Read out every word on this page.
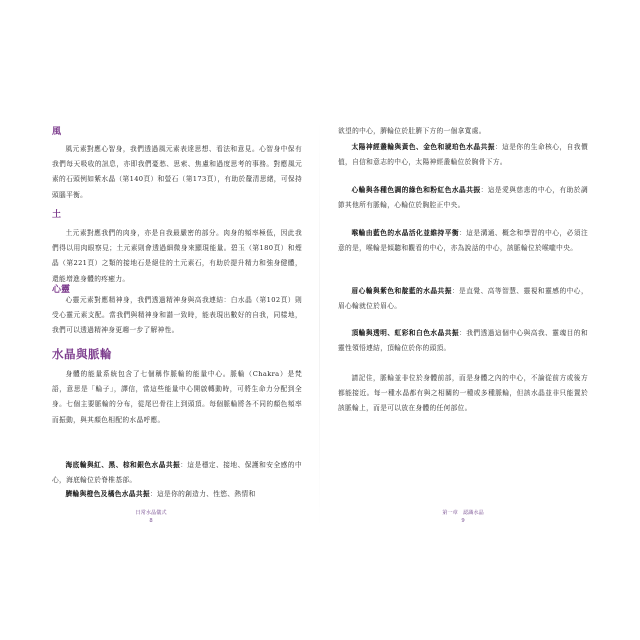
風
風元素對應心智身，我們透過風元素表達思想、看法和意見。心智身中保有我們每天吸收的訊息，亦即我們憂愁、思索、焦慮和過度思考的事務。對應風元素的石頭例如紫水晶（第140頁）和螢石（第173頁），有助於釐清思緒，可保持頭腦平衡。
土
土元素對應我們的肉身，亦是自我最嚴密的部分。肉身的頻率極低，因此我們得以用肉眼察見；土元素則會透過細微身來顯現能量。碧玉（第180頁）和煙晶（第221頁）之類的接地石是絕佳的土元素石，有助於提升精力和強身健體，還能增進身體的疼癒力。
心靈
心靈元素對應精神身，我們透過精神身與高我連結：白水晶（第102頁）則受心靈元素支配。當我們與精神身和諧一致時，能表現出數好的自我，同樣地，我們可以透過精神身更趨一步了解神性。
水晶與脈輪
身體的能量系統包含了七個稱作脈輪的能量中心。脈輪（Chakra）是梵語，意思是「輪子」，譯信，當這些能量中心開啟轉動時，可將生命力分配到全身。七個主要脈輪的分布，從尾巴骨往上到頭頂。每個脈輪將各不同的顏色頻率而振動，與其顏色相配的水晶呼應。
海底輪與紅、黑、棕和銀色水晶共振：這是穩定、接地、保護和安全感的中心，海底輪位於脊椎基部。
臍輪與橙色及橘色水晶共振：這是你的創造力、性慾、熱情和
日常水晶儀式
8
欲望的中心，臍輪位於肚臍下方的一個拿寬處。
太陽神經叢輪與黃色、金色和琥珀色水晶共振：這是你的生命核心，自我價值，自信和意志的中心，太陽神經叢輪位於胸骨下方。
心輪與各種色調的綠色和粉紅色水晶共振：這是愛與慈悲的中心，有助於調節其他所有脈輪，心輪位於胸腔正中央。
喉輪由藍色的水晶活化並維持平衡：這是溝通、概念和學習的中心，必須注意的是，喉輪是傾聽和觀看的中心，亦為說話的中心，該脈輪位於喉嚨中央。
眉心輪與紫色和靛藍的水晶共振：是直覺、高等智慧、靈視和靈感的中心，眉心輪就位於眉心。
頂輪與透明、虹彩和白色水晶共振：我們透過這個中心與高我、靈魂目的和靈性領悟連結，頂輪位於你的頭頂。
請記住，脈輪並非位於身體前部，而是身體之內的中心，不論從前方或後方都能接近。每一種水晶都有與之相關的一種或多種脈輪，但該水晶並非只能置於該脈輪上，而是可以放在身體的任何部位。
第一章　認識水晶
9
